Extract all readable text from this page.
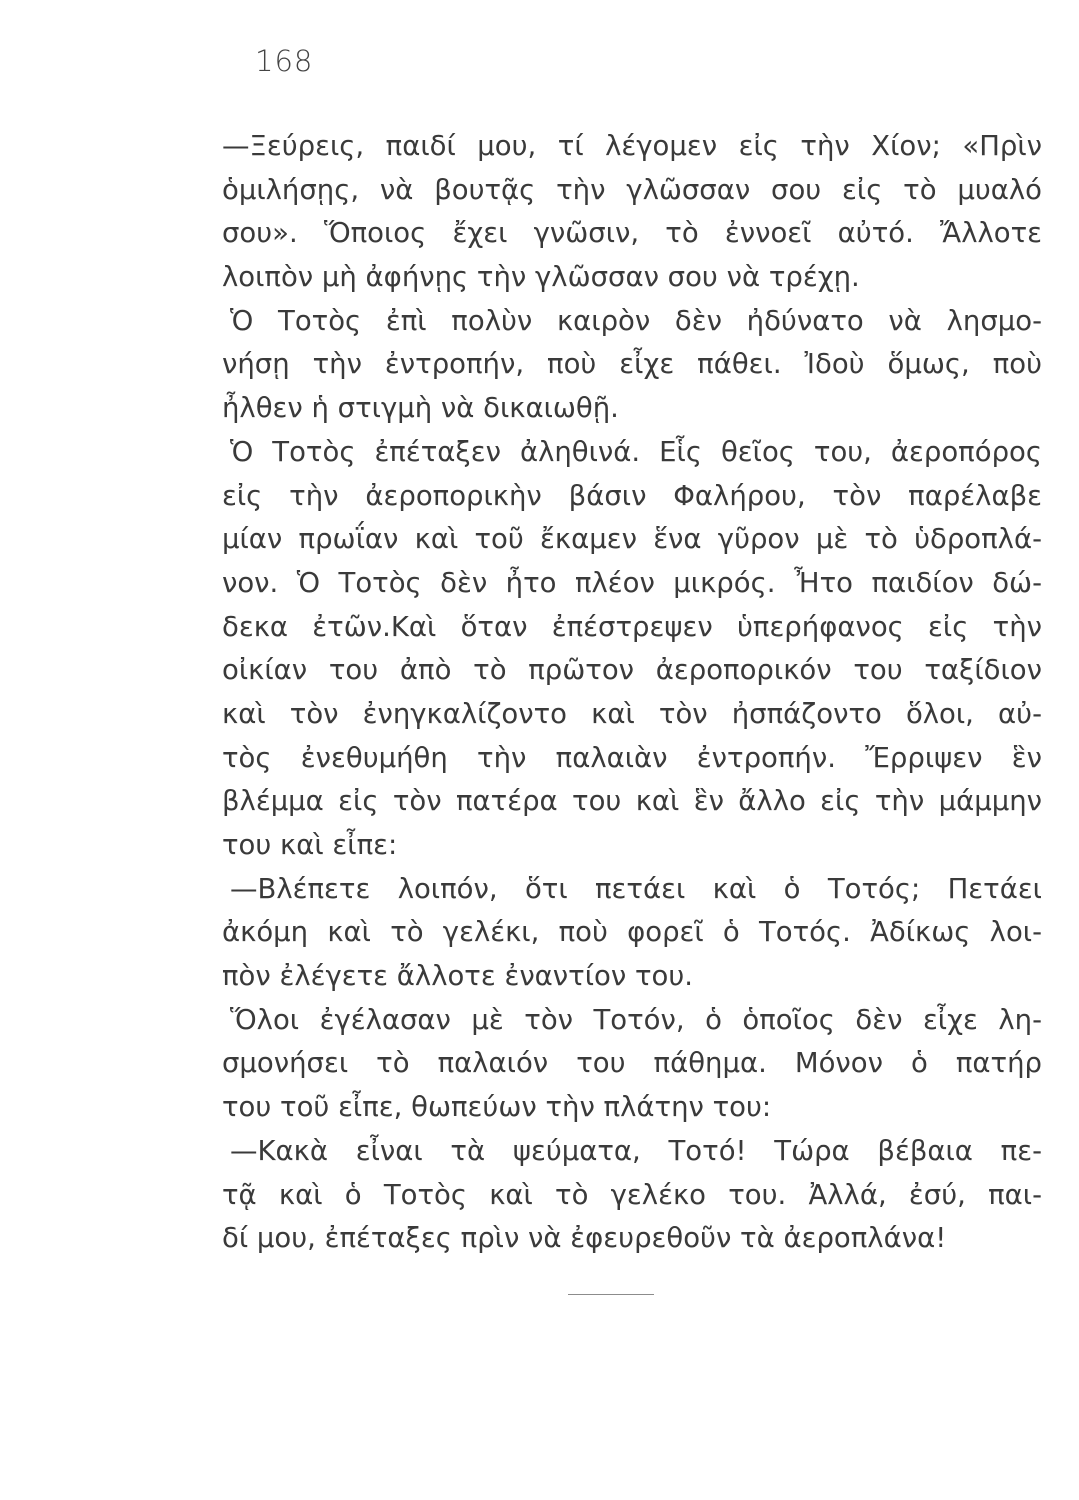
168
—Ξεύρεις, παιδί μου, τί λέγομεν εἰς τὴν Χίον; «Πρὶν
ὁμιλήσῃς, νὰ βουτᾷς τὴν γλῶσσαν σου εἰς τὸ μυαλό
σου». Ὅποιος ἔχει γνῶσιν, τὸ ἐννοεῖ αὐτό. Ἄλλοτε
λοιπὸν μὴ ἀφήνῃς τὴν γλῶσσαν σου νὰ τρέχῃ.
Ὁ Τοτὸς ἐπὶ πολὺν καιρὸν δὲν ἠδύνατο νὰ λησμο-
νήσῃ τὴν ἐντροπήν, ποὺ εἶχε πάθει. Ἰδοὺ ὅμως, ποὺ
ἦλθεν ἡ στιγμὴ νὰ δικαιωθῇ.
Ὁ Τοτὸς ἐπέταξεν ἀληθινά. Εἷς θεῖος του, ἀεροπόρος
εἰς τὴν ἀεροπορικὴν βάσιν Φαλήρου, τὸν παρέλαβε
μίαν πρωΐαν καὶ τοῦ ἔκαμεν ἕνα γῦρον μὲ τὸ ὑδροπλά-
νον. Ὁ Τοτὸς δὲν ἦτο πλέον μικρός. Ἦτο παιδίον δώ-
δεκα ἐτῶν.Καὶ ὅταν ἐπέστρεψεν ὑπερήφανος εἰς τὴν
οἰκίαν του ἀπὸ τὸ πρῶτον ἀεροπορικόν του ταξίδιον
καὶ τὸν ἐνηγκαλίζοντο καὶ τὸν ἠσπάζοντο ὅλοι, αὐ-
τὸς ἐνεθυμήθη τὴν παλαιὰν ἐντροπήν. Ἔρριψεν ἓν
βλέμμα εἰς τὸν πατέρα του καὶ ἓν ἄλλο εἰς τὴν μάμμην
του καὶ εἶπε:
—Βλέπετε λοιπόν, ὅτι πετάει καὶ ὁ Τοτός; Πετάει
ἀκόμη καὶ τὸ γελέκι, ποὺ φορεῖ ὁ Τοτός. Ἀδίκως λοι-
πὸν ἐλέγετε ἄλλοτε ἐναντίον του.
Ὅλοι ἐγέλασαν μὲ τὸν Τοτόν, ὁ ὁποῖος δὲν εἶχε λη-
σμονήσει τὸ παλαιόν του πάθημα. Μόνον ὁ πατήρ
του τοῦ εἶπε, θωπεύων τὴν πλάτην του:
—Κακὰ εἶναι τὰ ψεύματα, Τοτό! Τώρα βέβαια πε-
τᾷ καὶ ὁ Τοτὸς καὶ τὸ γελέκο του. Ἀλλά, ἐσύ, παι-
δί μου, ἐπέταξες πρὶν νὰ ἐφευρεθοῦν τὰ ἀεροπλάνα!
